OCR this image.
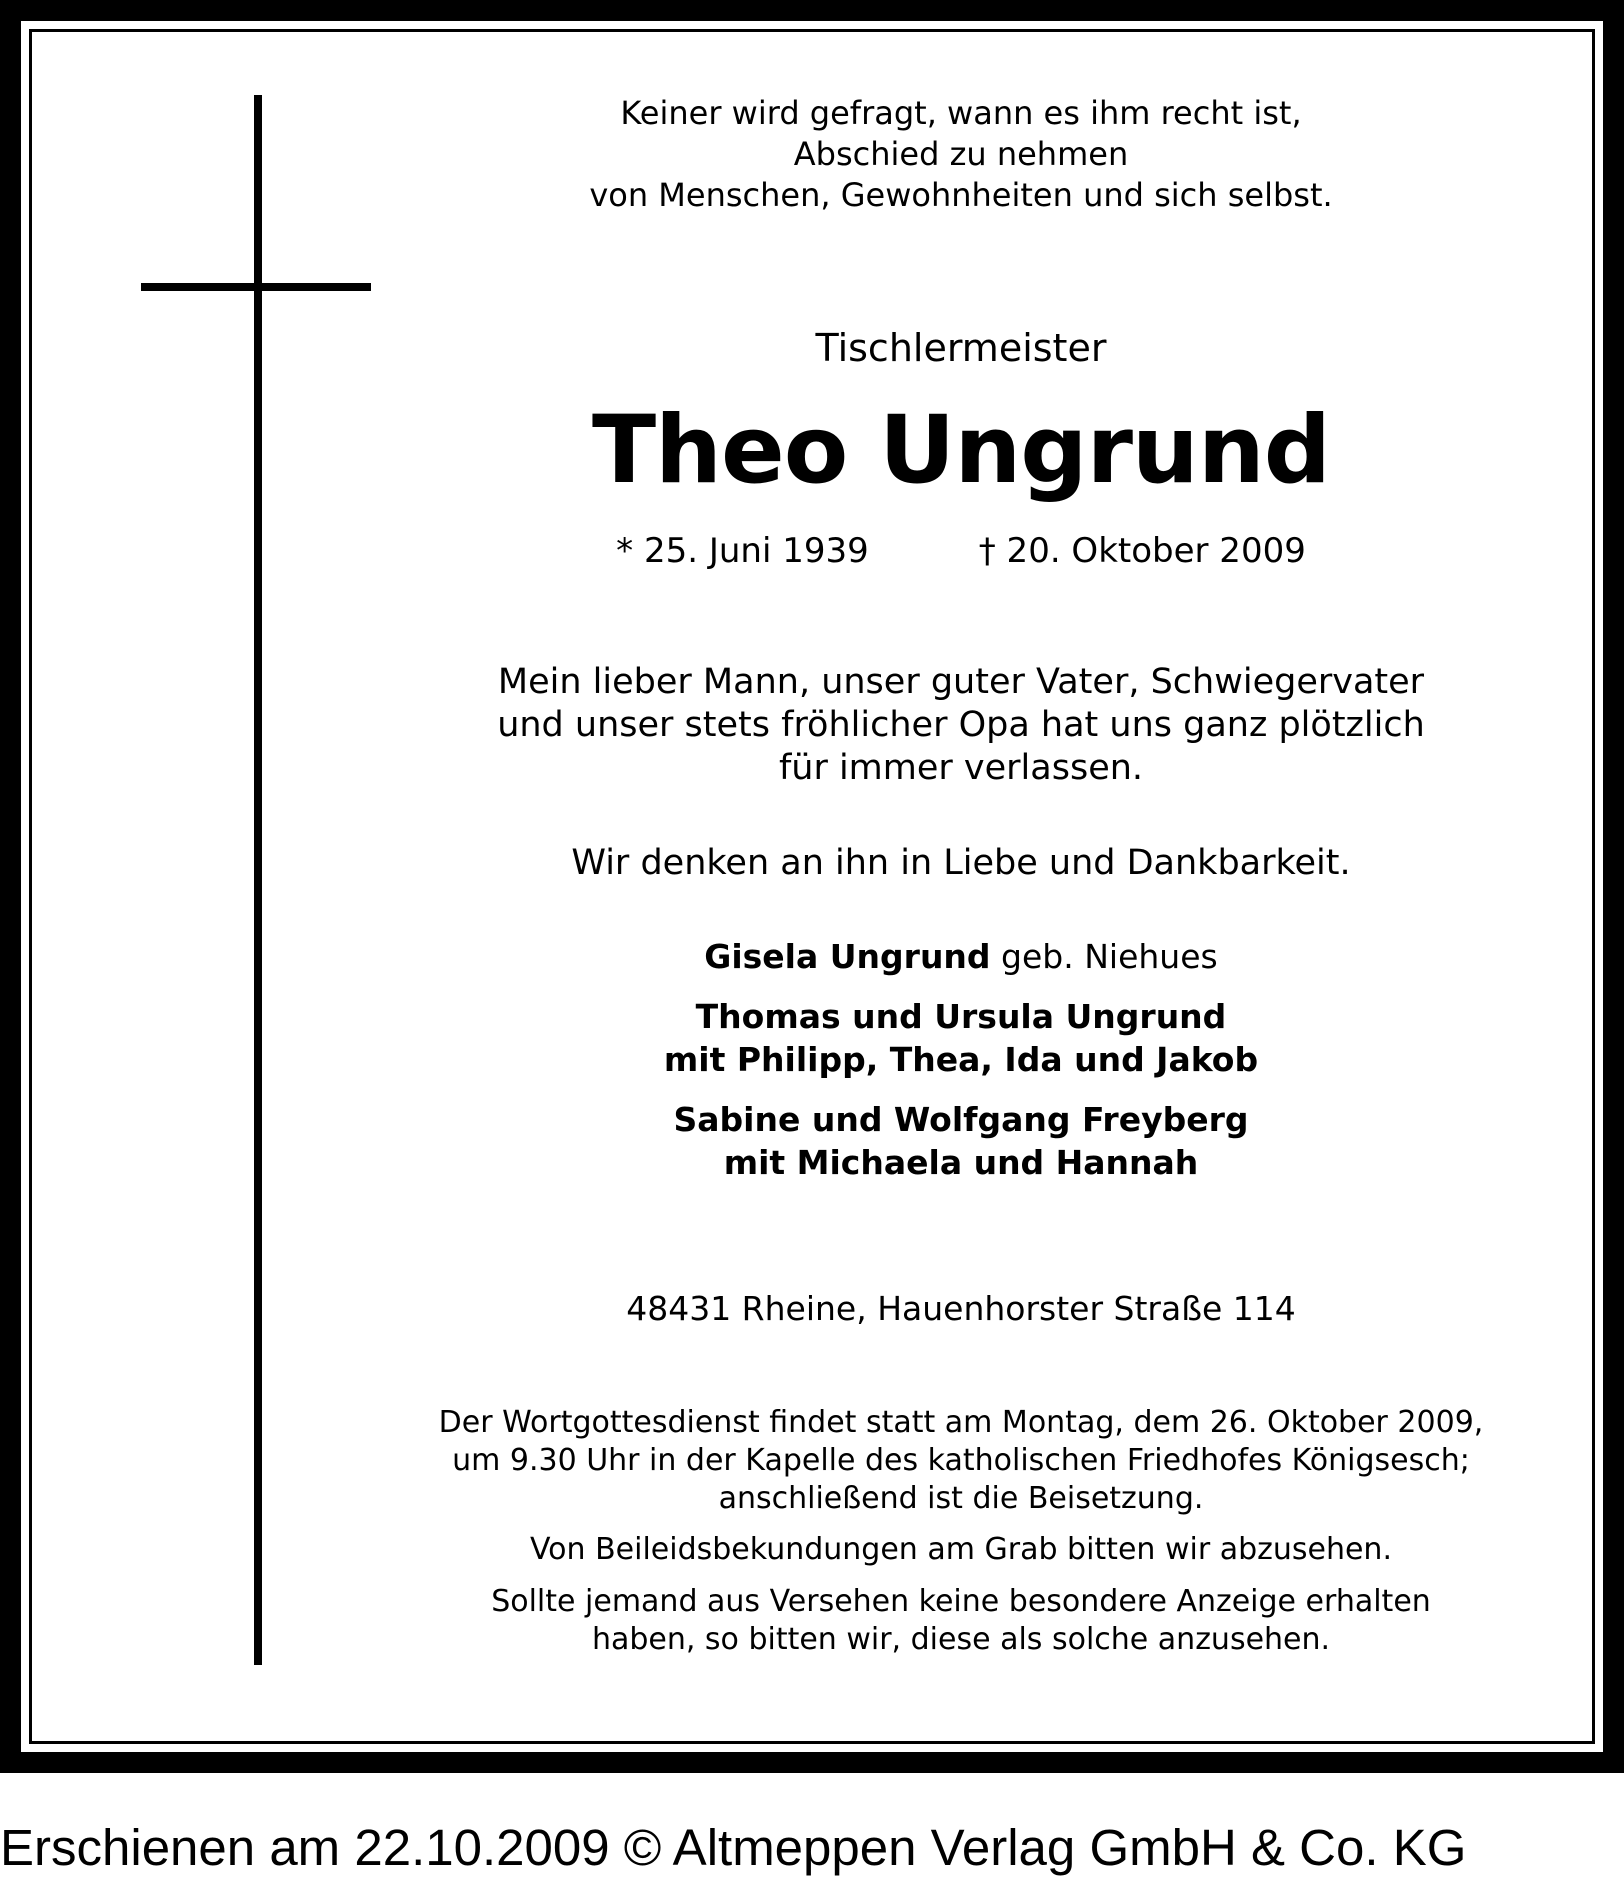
Keiner wird gefragt, wann es ihm recht ist,
Abschied zu nehmen
von Menschen, Gewohnheiten und sich selbst.
Tischlermeister
Theo Ungrund
* 25. Juni 1939	† 20. Oktober 2009
Mein lieber Mann, unser guter Vater, Schwiegervater
und unser stets fröhlicher Opa hat uns ganz plötzlich
für immer verlassen.
Wir denken an ihn in Liebe und Dankbarkeit.
Gisela Ungrund geb. Niehues
Thomas und Ursula Ungrund
mit Philipp, Thea, Ida und Jakob
Sabine und Wolfgang Freyberg
mit Michaela und Hannah
48431 Rheine, Hauenhorster Straße 114
Der Wortgottesdienst findet statt am Montag, dem 26. Oktober 2009,
um 9.30 Uhr in der Kapelle des katholischen Friedhofes Königsesch;
anschließend ist die Beisetzung.
Von Beileidsbekundungen am Grab bitten wir abzusehen.
Sollte jemand aus Versehen keine besondere Anzeige erhalten
haben, so bitten wir, diese als solche anzusehen.
Erschienen am 22.10.2009 © Altmeppen Verlag GmbH & Co. KG
